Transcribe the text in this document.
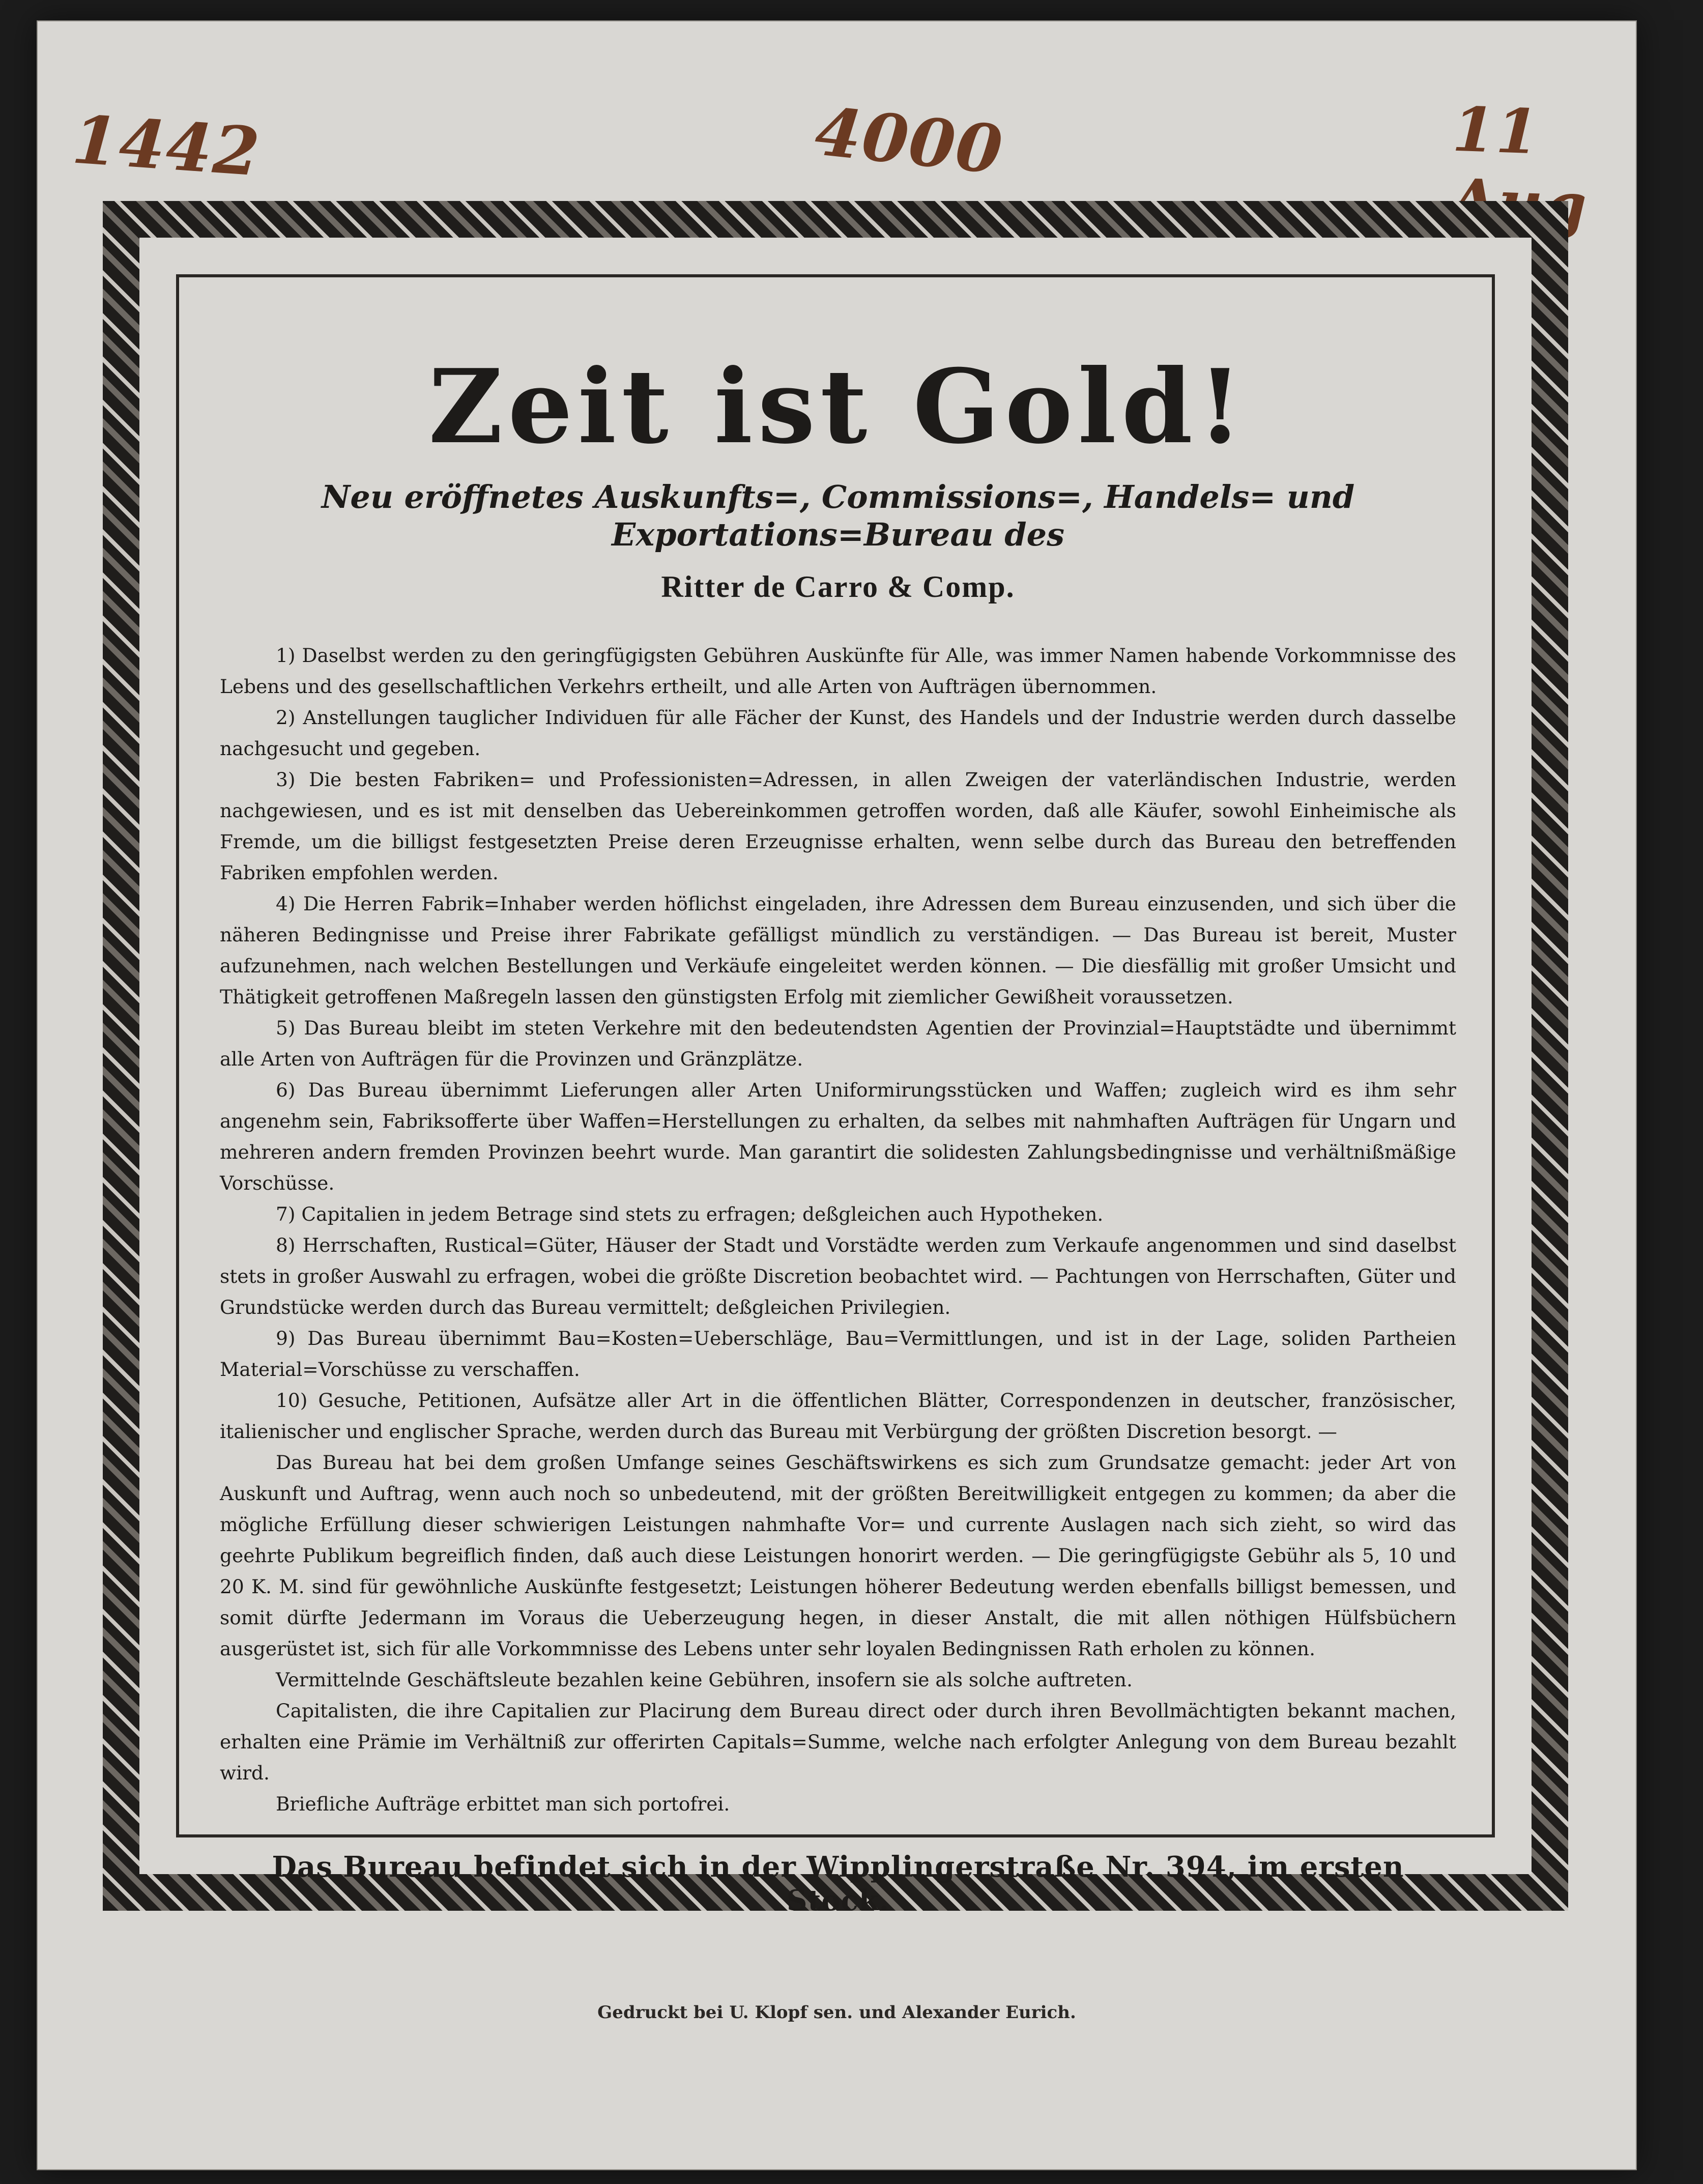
1442	4000	11 Aug
Zeit ist Gold!

Neu eröffnetes Auskunfts=, Commissions=, Handels= und Exportations=Bureau des

Ritter de Carro & Comp.

1) Daselbst werden zu den geringfügigsten Gebühren Auskünfte für Alle, was immer Namen habende Vorkommnisse des Lebens und des gesellschaftlichen Verkehrs ertheilt, und alle Arten von Aufträgen übernommen.

2) Anstellungen tauglicher Individuen für alle Fächer der Kunst, des Handels und der Industrie werden durch dasselbe nachgesucht und gegeben.

3) Die besten Fabriken= und Professionisten=Adressen, in allen Zweigen der vaterländischen Industrie, werden nachgewiesen, und es ist mit denselben das Uebereinkommen getroffen worden, daß alle Käufer, sowohl Einheimische als Fremde, um die billigst festgesetzten Preise deren Erzeugnisse erhalten, wenn selbe durch das Bureau den betreffenden Fabriken empfohlen werden.

4) Die Herren Fabrik=Inhaber werden höflichst eingeladen, ihre Adressen dem Bureau einzusenden, und sich über die näheren Bedingnisse und Preise ihrer Fabrikate gefälligst mündlich zu verständigen. — Das Bureau ist bereit, Muster aufzunehmen, nach welchen Bestellungen und Verkäufe eingeleitet werden können. — Die diesfällig mit großer Umsicht und Thätigkeit getroffenen Maßregeln lassen den günstigsten Erfolg mit ziemlicher Gewißheit voraussetzen.

5) Das Bureau bleibt im steten Verkehre mit den bedeutendsten Agentien der Provinzial=Hauptstädte und übernimmt alle Arten von Aufträgen für die Provinzen und Gränzplätze.

6) Das Bureau übernimmt Lieferungen aller Arten Uniformirungsstücken und Waffen; zugleich wird es ihm sehr angenehm sein, Fabriksofferte über Waffen=Herstellungen zu erhalten, da selbes mit nahmhaften Aufträgen für Ungarn und mehreren andern fremden Provinzen beehrt wurde. Man garantirt die solidesten Zahlungsbedingnisse und verhältnißmäßige Vorschüsse.

7) Capitalien in jedem Betrage sind stets zu erfragen; deßgleichen auch Hypotheken.

8) Herrschaften, Rustical=Güter, Häuser der Stadt und Vorstädte werden zum Verkaufe angenommen und sind daselbst stets in großer Auswahl zu erfragen, wobei die größte Discretion beobachtet wird. — Pachtungen von Herrschaften, Güter und Grundstücke werden durch das Bureau vermittelt; deßgleichen Privilegien.

9) Das Bureau übernimmt Bau=Kosten=Ueberschläge, Bau=Vermittlungen, und ist in der Lage, soliden Partheien Material=Vorschüsse zu verschaffen.

10) Gesuche, Petitionen, Aufsätze aller Art in die öffentlichen Blätter, Correspondenzen in deutscher, französischer, italienischer und englischer Sprache, werden durch das Bureau mit Verbürgung der größten Discretion besorgt. —

Das Bureau hat bei dem großen Umfange seines Geschäftswirkens es sich zum Grundsatze gemacht: jeder Art von Auskunft und Auftrag, wenn auch noch so unbedeutend, mit der größten Bereitwilligkeit entgegen zu kommen; da aber die mögliche Erfüllung dieser schwierigen Leistungen nahmhafte Vor= und currente Auslagen nach sich zieht, so wird das geehrte Publikum begreiflich finden, daß auch diese Leistungen honorirt werden. — Die geringfügigste Gebühr als 5, 10 und 20 K. M. sind für gewöhnliche Auskünfte festgesetzt; Leistungen höherer Bedeutung werden ebenfalls billigst bemessen, und somit dürfte Jedermann im Voraus die Ueberzeugung hegen, in dieser Anstalt, die mit allen nöthigen Hülfsbüchern ausgerüstet ist, sich für alle Vorkommnisse des Lebens unter sehr loyalen Bedingnissen Rath erholen zu können.

Vermittelnde Geschäftsleute bezahlen keine Gebühren, insofern sie als solche auftreten.

Capitalisten, die ihre Capitalien zur Placirung dem Bureau direct oder durch ihren Bevollmächtigten bekannt machen, erhalten eine Prämie im Verhältniß zur offerirten Capitals=Summe, welche nach erfolgter Anlegung von dem Bureau bezahlt wird.

Briefliche Aufträge erbittet man sich portofrei.

Das Bureau befindet sich in der Wipplingerstraße Nr. 394, im ersten Stock.

Gedruckt bei U. Klopf sen. und Alexander Eurich.
